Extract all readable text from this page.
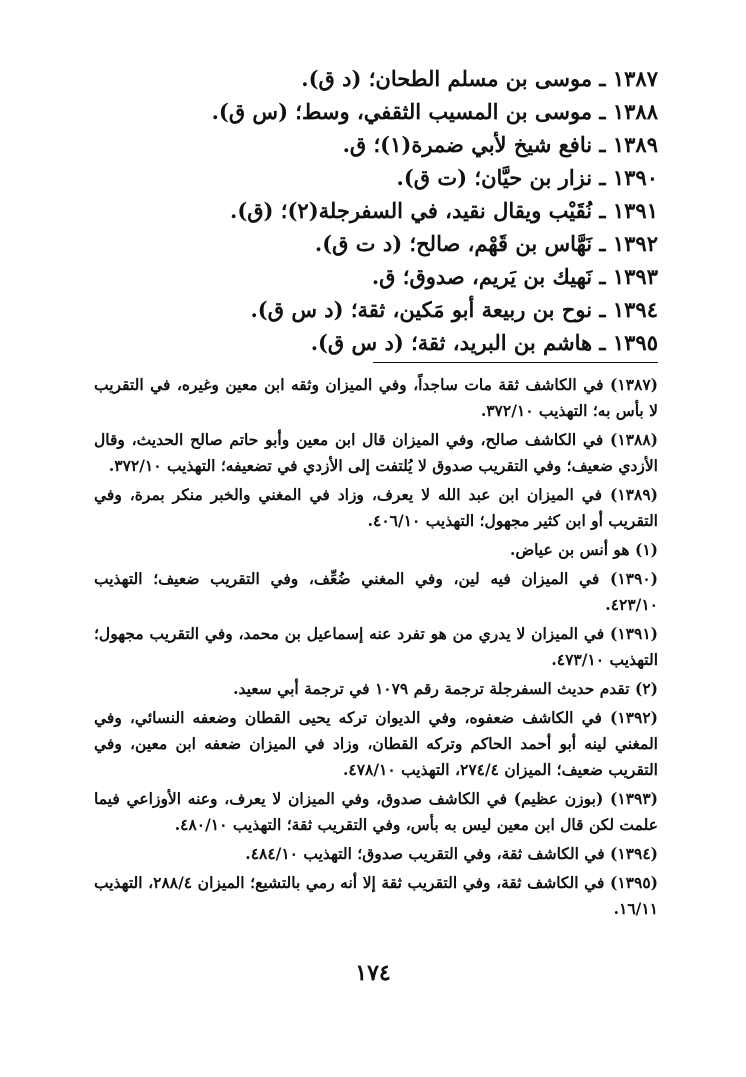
١٣٨٧ ـ موسى بن مسلم الطحان؛ (د ق).
١٣٨٨ ـ موسى بن المسيب الثقفي، وسط؛ (س ق).
١٣٨٩ ـ نافع شيخ لأبي ضمرة(١)؛ ق.
١٣٩٠ ـ نزار بن حيَّان؛ (ت ق).
١٣٩١ ـ نُقَيْب ويقال نقيد، في السفرجلة(٢)؛ (ق).
١٣٩٢ ـ نَهَّاس بن قَهْم، صالح؛ (د ت ق).
١٣٩٣ ـ نَهيك بن يَريم، صدوق؛ ق.
١٣٩٤ ـ نوح بن ربيعة أبو مَكين، ثقة؛ (د س ق).
١٣٩٥ ـ هاشم بن البريد، ثقة؛ (د س ق).

(١٣٨٧) في الكاشف ثقة مات ساجداً، وفي الميزان وثقه ابن معين وغيره، في التقريب لا بأس به؛ التهذيب ٣٧٢/١٠.

(١٣٨٨) في الكاشف صالح، وفي الميزان قال ابن معين وأبو حاتم صالح الحديث، وقال الأزدي ضعيف؛ وفي التقريب صدوق لا يُلتفت إلى الأزدي في تضعيفه؛ التهذيب ٣٧٢/١٠.

(١٣٨٩) في الميزان ابن عبد الله لا يعرف، وزاد في المغني والخبر منكر بمرة، وفي التقريب أو ابن كثير مجهول؛ التهذيب ٤٠٦/١٠.

(١) هو أنس بن عياض.

(١٣٩٠) في الميزان فيه لين، وفي المغني ضُعِّف، وفي التقريب ضعيف؛ التهذيب ٤٢٣/١٠.

(١٣٩١) في الميزان لا يدري من هو تفرد عنه إسماعيل بن محمد، وفي التقريب مجهول؛ التهذيب ٤٧٣/١٠.

(٢) تقدم حديث السفرجلة ترجمة رقم ١٠٧٩ في ترجمة أبي سعيد.

(١٣٩٢) في الكاشف ضعفوه، وفي الديوان تركه يحيى القطان وضعفه النسائي، وفي المغني لينه أبو أحمد الحاكم وتركه القطان، وزاد في الميزان ضعفه ابن معين، وفي التقريب ضعيف؛ الميزان ٢٧٤/٤، التهذيب ٤٧٨/١٠.

(١٣٩٣) (بوزن عظيم) في الكاشف صدوق، وفي الميزان لا يعرف، وعنه الأوزاعي فيما علمت لكن قال ابن معين ليس به بأس، وفي التقريب ثقة؛ التهذيب ٤٨٠/١٠.

(١٣٩٤) في الكاشف ثقة، وفي التقريب صدوق؛ التهذيب ٤٨٤/١٠.

(١٣٩٥) في الكاشف ثقة، وفي التقريب ثقة إلا أنه رمي بالتشيع؛ الميزان ٢٨٨/٤، التهذيب ١٦/١١.

١٧٤
